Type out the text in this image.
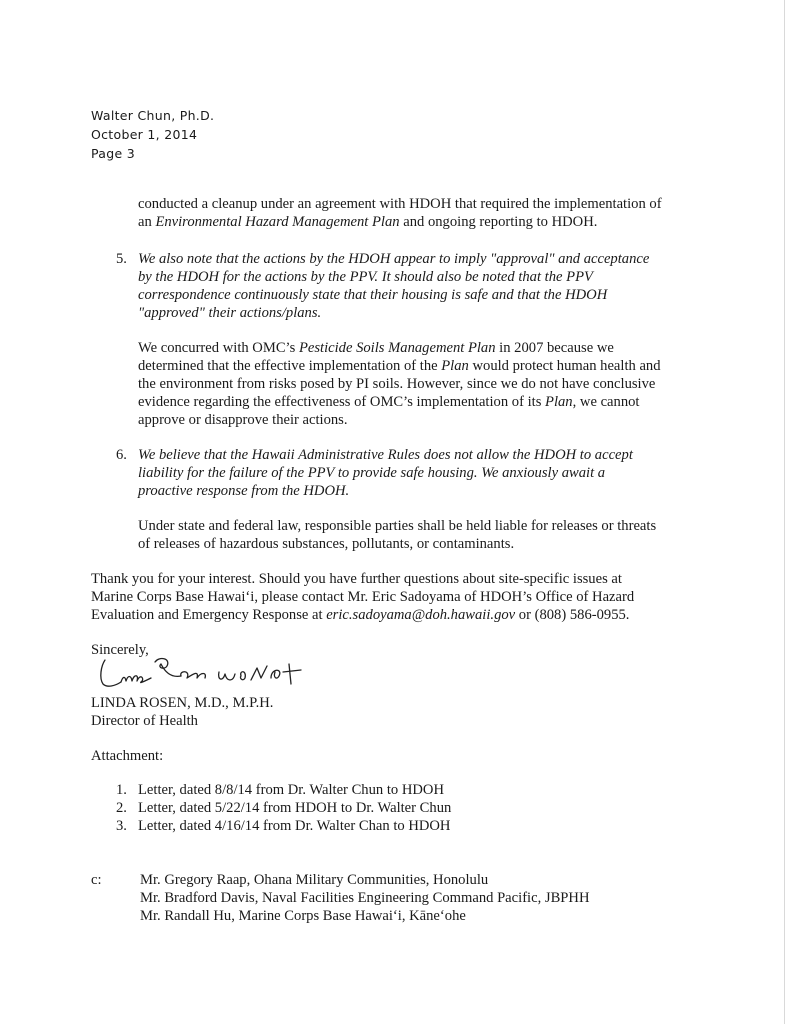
Walter Chun, Ph.D.
October 1, 2014
Page 3

conducted a cleanup under an agreement with HDOH that required the implementation of

an Environmental Hazard Management Plan and ongoing reporting to HDOH.

5. We also note that the actions by the HDOH appear to imply "approval" and acceptance

by the HDOH for the actions by the PPV. It should also be noted that the PPV

correspondence continuously state that their housing is safe and that the HDOH

"approved" their actions/plans.

We concurred with OMC’s Pesticide Soils Management Plan in 2007 because we

determined that the effective implementation of the Plan would protect human health and

the environment from risks posed by PI soils. However, since we do not have conclusive

evidence regarding the effectiveness of OMC’s implementation of its Plan, we cannot

approve or disapprove their actions.

6. We believe that the Hawaii Administrative Rules does not allow the HDOH to accept

liability for the failure of the PPV to provide safe housing. We anxiously await a

proactive response from the HDOH.

Under state and federal law, responsible parties shall be held liable for releases or threats

of releases of hazardous substances, pollutants, or contaminants.

Thank you for your interest. Should you have further questions about site-specific issues at

Marine Corps Base Hawai‘i, please contact Mr. Eric Sadoyama of HDOH’s Office of Hazard

Evaluation and Emergency Response at eric.sadoyama@doh.hawaii.gov or (808) 586-0955.

Sincerely,

LINDA ROSEN, M.D., M.P.H.

Director of Health

Attachment:

1. Letter, dated 8/8/14 from Dr. Walter Chun to HDOH

2. Letter, dated 5/22/14 from HDOH to Dr. Walter Chun

3. Letter, dated 4/16/14 from Dr. Walter Chan to HDOH

c:	Mr. Gregory Raap, Ohana Military Communities, Honolulu

Mr. Bradford Davis, Naval Facilities Engineering Command Pacific, JBPHH

Mr. Randall Hu, Marine Corps Base Hawai‘i, Kāne‘ohe
